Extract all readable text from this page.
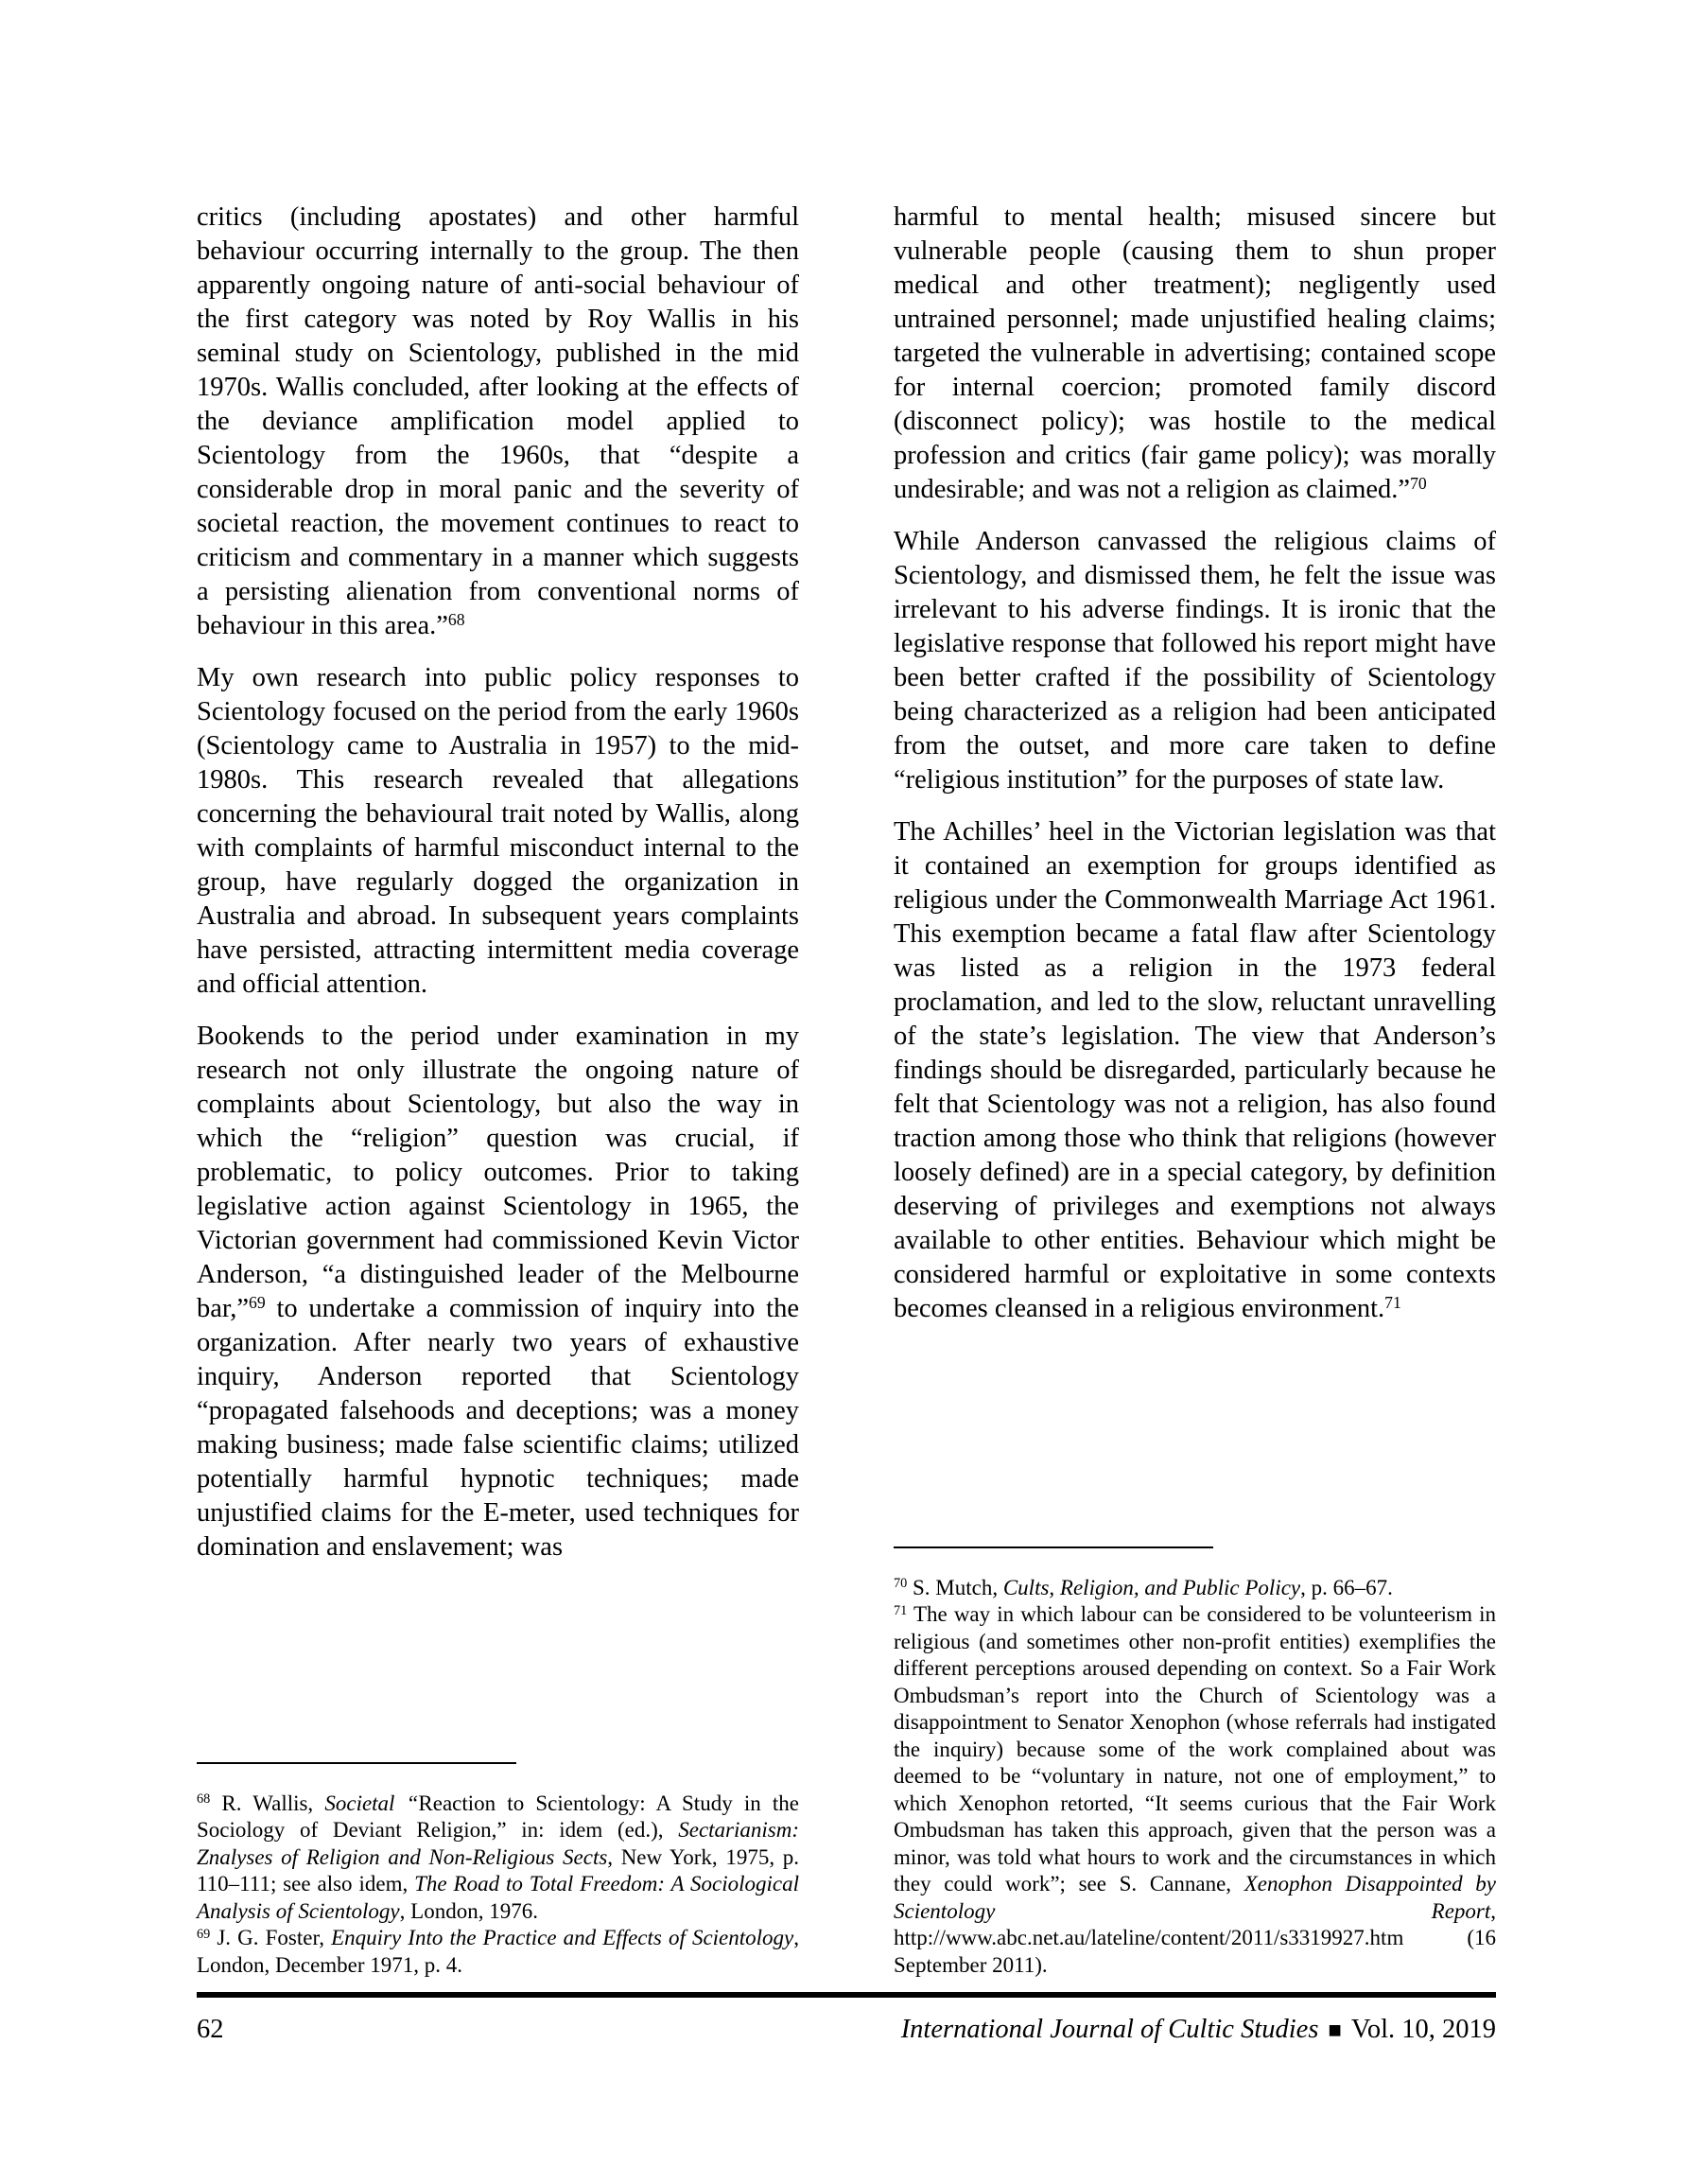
critics (including apostates) and other harmful behaviour occurring internally to the group. The then apparently ongoing nature of anti-social behaviour of the first category was noted by Roy Wallis in his seminal study on Scientology, published in the mid 1970s. Wallis concluded, after looking at the effects of the deviance amplification model applied to Scientology from the 1960s, that “despite a considerable drop in moral panic and the severity of societal reaction, the movement continues to react to criticism and commentary in a manner which suggests a persisting alienation from conventional norms of behaviour in this area.”$^{68}$

My own research into public policy responses to Scientology focused on the period from the early 1960s (Scientology came to Australia in 1957) to the mid-1980s. This research revealed that allegations concerning the behavioural trait noted by Wallis, along with complaints of harmful misconduct internal to the group, have regularly dogged the organization in Australia and abroad. In subsequent years complaints have persisted, attracting intermittent media coverage and official attention.

Bookends to the period under examination in my research not only illustrate the ongoing nature of complaints about Scientology, but also the way in which the “religion” question was crucial, if problematic, to policy outcomes. Prior to taking legislative action against Scientology in 1965, the Victorian government had commissioned Kevin Victor Anderson, “a distinguished leader of the Melbourne bar,”$^{69}$ to undertake a commission of inquiry into the organization. After nearly two years of exhaustive inquiry, Anderson reported that Scientology “propagated falsehoods and deceptions; was a money making business; made false scientific claims; utilized potentially harmful hypnotic techniques; made unjustified claims for the E-meter, used techniques for domination and enslavement; was

$^{68}$ R. Wallis, Societal “Reaction to Scientology: A Study in the Sociology of Deviant Religion,” in: idem (ed.), Sectarianism: Znalyses of Religion and Non-Religious Sects, New York, 1975, p. 110–111; see also idem, The Road to Total Freedom: A Sociological Analysis of Scientology, London, 1976.

$^{69}$ J. G. Foster, Enquiry Into the Practice and Effects of Scientology, London, December 1971, p. 4.

harmful to mental health; misused sincere but vulnerable people (causing them to shun proper medical and other treatment); negligently used untrained personnel; made unjustified healing claims; targeted the vulnerable in advertising; contained scope for internal coercion; promoted family discord (disconnect policy); was hostile to the medical profession and critics (fair game policy); was morally undesirable; and was not a religion as claimed.”$^{70}$

While Anderson canvassed the religious claims of Scientology, and dismissed them, he felt the issue was irrelevant to his adverse findings. It is ironic that the legislative response that followed his report might have been better crafted if the possibility of Scientology being characterized as a religion had been anticipated from the outset, and more care taken to define “religious institution” for the purposes of state law.

The Achilles’ heel in the Victorian legislation was that it contained an exemption for groups identified as religious under the Commonwealth Marriage Act 1961. This exemption became a fatal flaw after Scientology was listed as a religion in the 1973 federal proclamation, and led to the slow, reluctant unravelling of the state’s legislation. The view that Anderson’s findings should be disregarded, particularly because he felt that Scientology was not a religion, has also found traction among those who think that religions (however loosely defined) are in a special category, by definition deserving of privileges and exemptions not always available to other entities. Behaviour which might be considered harmful or exploitative in some contexts becomes cleansed in a religious environment.$^{71}$

$^{70}$ S. Mutch, Cults, Religion, and Public Policy, p. 66–67.

$^{71}$ The way in which labour can be considered to be volunteerism in religious (and sometimes other non-profit entities) exemplifies the different perceptions aroused depending on context. So a Fair Work Ombudsman’s report into the Church of Scientology was a disappointment to Senator Xenophon (whose referrals had instigated the inquiry) because some of the work complained about was deemed to be “voluntary in nature, not one of employment,” to which Xenophon retorted, “It seems curious that the Fair Work Ombudsman has taken this approach, given that the person was a minor, was told what hours to work and the circumstances in which they could work”; see S. Cannane, Xenophon Disappointed by Scientology Report, http://www.abc.net.au/lateline/content/2011/s3319927.htm (16 September 2011).

62	International Journal of Cultic Studies ■ Vol. 10, 2019
